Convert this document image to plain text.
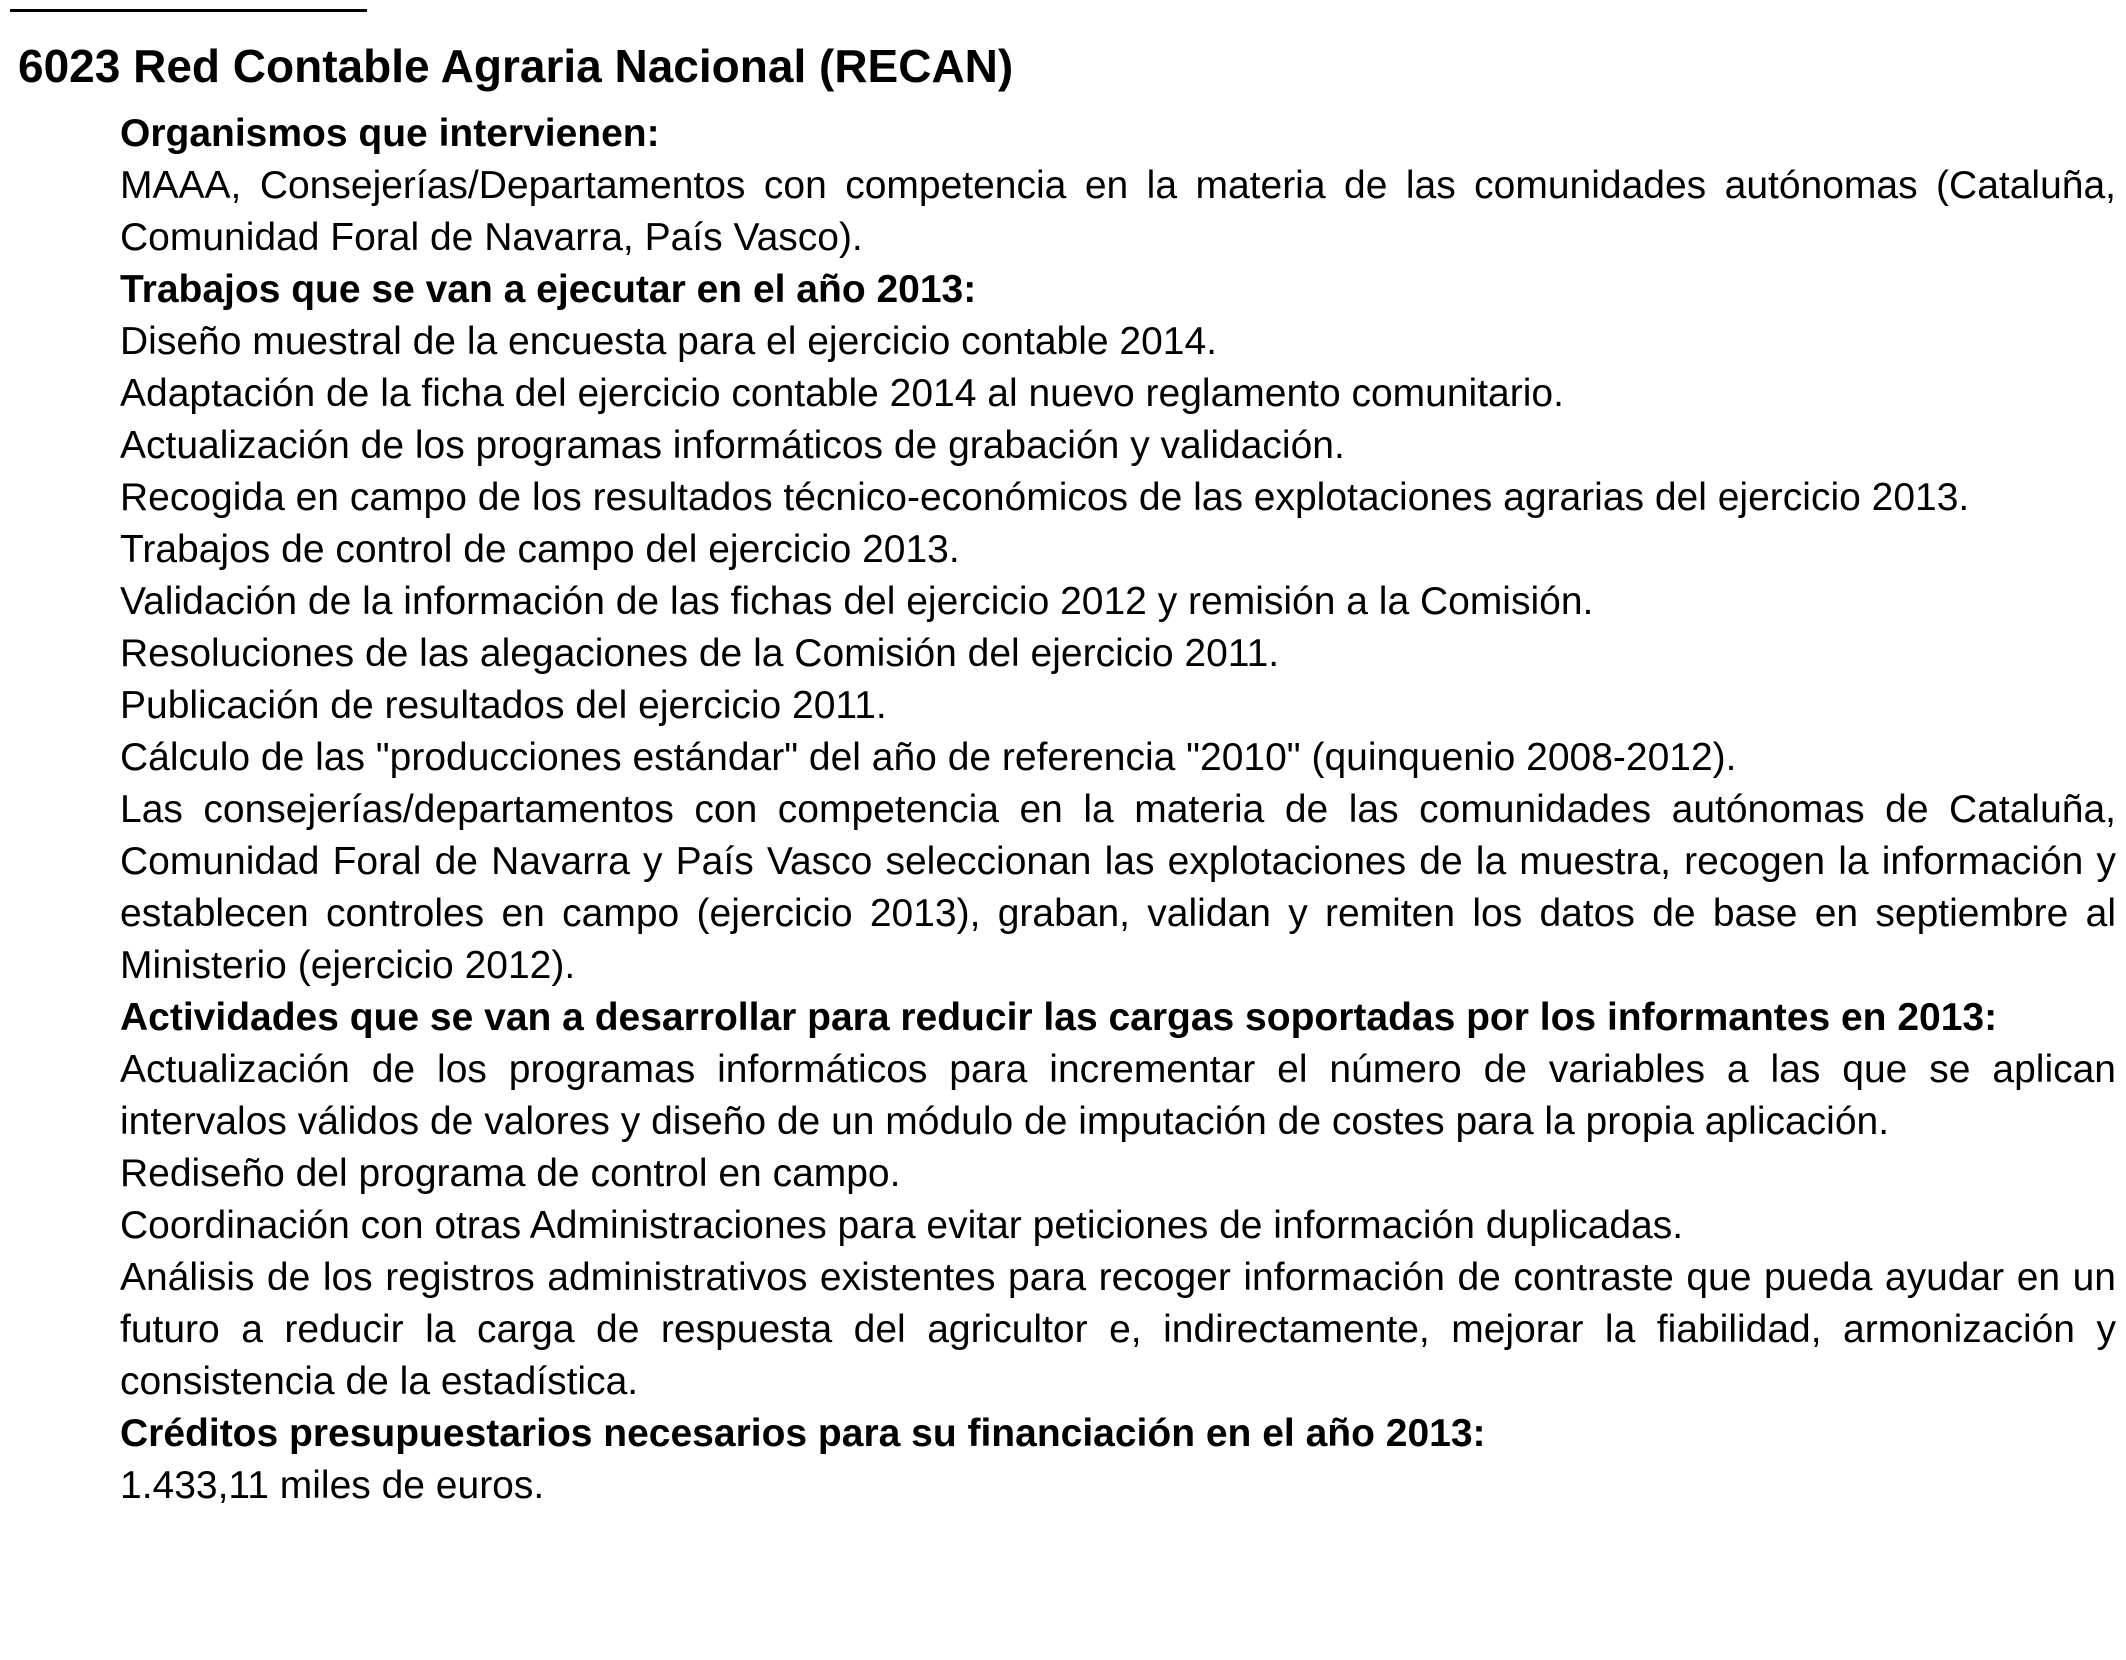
6023 Red Contable Agraria Nacional (RECAN)
Organismos que intervienen:
MAAA, Consejerías/Departamentos con competencia en la materia de las comunidades autónomas (Cataluña, Comunidad Foral de Navarra, País Vasco).
Trabajos que se van a ejecutar en el año 2013:
Diseño muestral de la encuesta para el ejercicio contable 2014.
Adaptación de la ficha del ejercicio contable 2014 al nuevo reglamento comunitario.
Actualización de los programas informáticos de grabación y validación.
Recogida en campo de los resultados técnico-económicos de las explotaciones agrarias del ejercicio 2013.
Trabajos de control de campo del ejercicio 2013.
Validación de la información de las fichas del ejercicio 2012 y remisión a la Comisión.
Resoluciones de las alegaciones de la Comisión del ejercicio 2011.
Publicación de resultados del ejercicio 2011.
Cálculo de las "producciones estándar" del año de referencia "2010" (quinquenio 2008-2012).
Las consejerías/departamentos con competencia en la materia de las comunidades autónomas de Cataluña, Comunidad Foral de Navarra y País Vasco seleccionan las explotaciones de la muestra, recogen la información y establecen controles en campo (ejercicio 2013), graban, validan y remiten los datos de base en septiembre al Ministerio (ejercicio 2012).
Actividades que se van a desarrollar para reducir las cargas soportadas por los informantes en 2013:
Actualización de los programas informáticos para incrementar el número de variables a las que se aplican intervalos válidos de valores y diseño de un módulo de imputación de costes para la propia aplicación.
Rediseño del programa de control en campo.
Coordinación con otras Administraciones para evitar peticiones de información duplicadas.
Análisis de los registros administrativos existentes para recoger información de contraste que pueda ayudar en un futuro a reducir la carga de respuesta del agricultor e, indirectamente, mejorar la fiabilidad, armonización y consistencia de la estadística.
Créditos presupuestarios necesarios para su financiación en el año 2013:
1.433,11 miles de euros.
